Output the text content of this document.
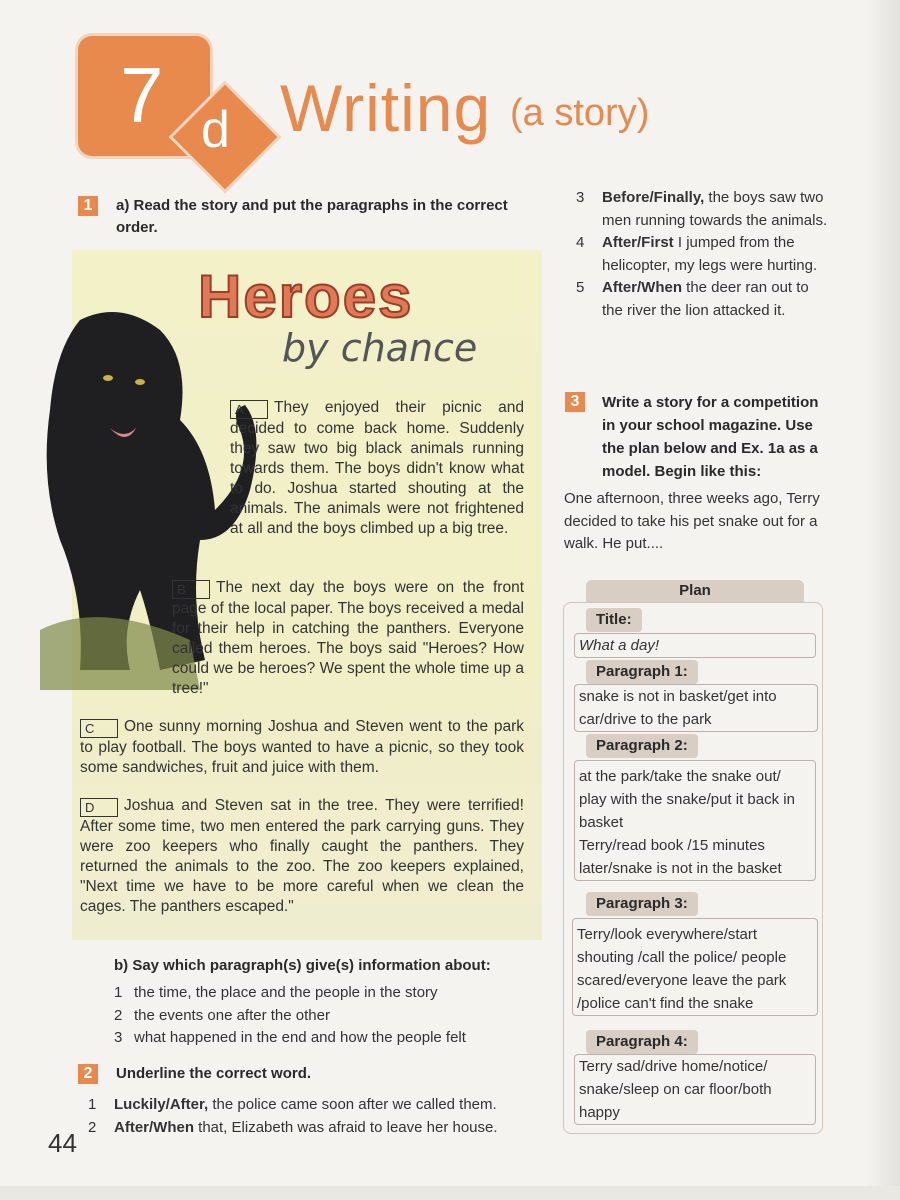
7 d Writing (a story)
1	a) Read the story and put the paragraphs in the correct order.
Heroes
by chance
A They enjoyed their picnic and decided to come back home. Suddenly they saw two big black animals running towards them. The boys didn't know what to do. Joshua started shouting at the animals. The animals were not frightened at all and the boys climbed up a big tree.
B The next day the boys were on the front page of the local paper. The boys received a medal for their help in catching the panthers. Everyone called them heroes. The boys said "Heroes? How could we be heroes? We spent the whole time up a tree!"
C One sunny morning Joshua and Steven went to the park to play football. The boys wanted to have a picnic, so they took some sandwiches, fruit and juice with them.
D Joshua and Steven sat in the tree. They were terrified! After some time, two men entered the park carrying guns. They were zoo keepers who finally caught the panthers. They returned the animals to the zoo. The zoo keepers explained, "Next time we have to be more careful when we clean the cages. The panthers escaped."
b) Say which paragraph(s) give(s) information about:
1 the time, the place and the people in the story
2 the events one after the other
3 what happened in the end and how the people felt
2	Underline the correct word.
1 Luckily/After, the police came soon after we called them.
2 After/When that, Elizabeth was afraid to leave her house.
3	Before/Finally, the boys saw two men running towards the animals.
4	After/First I jumped from the helicopter, my legs were hurting.
5	After/When the deer ran out to the river the lion attacked it.
3	Write a story for a competition in your school magazine. Use the plan below and Ex. 1a as a model. Begin like this:
One afternoon, three weeks ago, Terry decided to take his pet snake out for a walk. He put....
Plan
Title:
What a day!
Paragraph 1:
snake is not in basket/get into car/drive to the park
Paragraph 2:
at the park/take the snake out/ play with the snake/put it back in basket
Terry/read book /15 minutes later/snake is not in the basket
Paragraph 3:
Terry/look everywhere/start shouting /call the police/ people scared/everyone leave the park /police can't find the snake
Paragraph 4:
Terry sad/drive home/notice/ snake/sleep on car floor/both happy
44
